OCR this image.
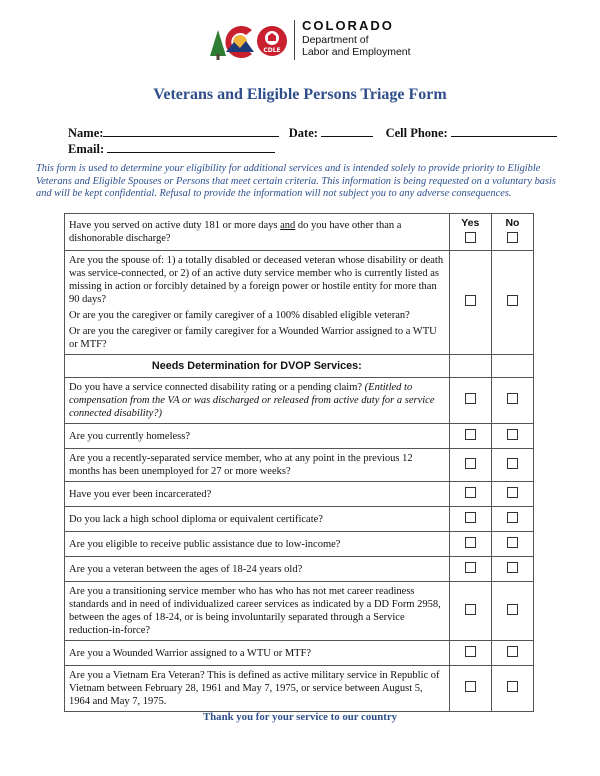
CDLE
COLORADO
Department of
Labor and Employment
Veterans and Eligible Persons Triage Form
Name:	Date:	Cell Phone:
Email:
This form is used to determine your eligibility for additional services and is intended solely to provide priority to Eligible Veterans and Eligible Spouses or Persons that meet certain criteria. This information is being requested on a voluntary basis and will be kept confidential. Refusal to provide the information will not subject you to any adverse consequences.
Have you served on active duty 181 or more days and do you have other than a dishonorable discharge?	Yes	No

Are you the spouse of: 1) a totally disabled or deceased veteran whose disability or death was service-connected, or 2) of an active duty service member who is currently listed as missing in action or forcibly detained by a foreign power or hostile entity for more than 90 days?

Or are you the caregiver or family caregiver of a 100% disabled eligible veteran?

Or are you the caregiver or family caregiver for a Wounded Warrior assigned to a WTU or MTF?		

Needs Determination for DVOP Services:		
Do you have a service connected disability rating or a pending claim? (Entitled to compensation from the VA or was discharged or released from active duty for a service connected disability?)		
Are you currently homeless?		
Are you a recently-separated service member, who at any point in the previous 12 months has been unemployed for 27 or more weeks?		
Have you ever been incarcerated?		
Do you lack a high school diploma or equivalent certificate?		
Are you eligible to receive public assistance due to low-income?		
Are you a veteran between the ages of 18-24 years old?		
Are you a transitioning service member who has who has not met career readiness standards and in need of individualized career services as indicated by a DD Form 2958, between the ages of 18-24, or is being involuntarily separated through a Service reduction-in-force?		
Are you a Wounded Warrior assigned to a WTU or MTF?		
Are you a Vietnam Era Veteran? This is defined as active military service in Republic of Vietnam between February 28, 1961 and May 7, 1975, or service between August 5, 1964 and May 7, 1975.		
Thank you for your service to our country
